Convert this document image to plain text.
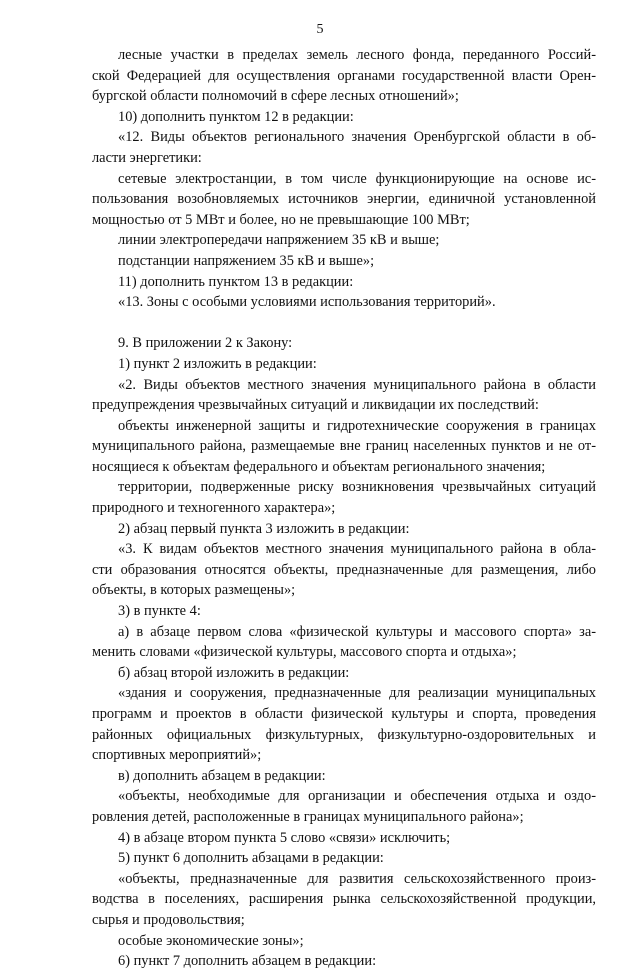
5
лесные участки в пределах земель лесного фонда, переданного Россий-
ской Федерацией для осуществления органами государственной власти Орен-
бургской области полномочий в сфере лесных отношений»;
10) дополнить пунктом 12 в редакции:
«12. Виды объектов регионального значения Оренбургской области в об-
ласти энергетики:
сетевые электростанции, в том числе функционирующие на основе ис-
пользования возобновляемых источников энергии, единичной установленной
мощностью от 5 МВт и более, но не превышающие 100 МВт;
линии электропередачи напряжением 35 кВ и выше;
подстанции напряжением 35 кВ и выше»;
11) дополнить пунктом 13 в редакции:
«13. Зоны с особыми условиями использования территорий».
9. В приложении 2 к Закону:
1) пункт 2 изложить в редакции:
«2. Виды объектов местного значения муниципального района в области
предупреждения чрезвычайных ситуаций и ликвидации их последствий:
объекты инженерной защиты и гидротехнические сооружения в границах
муниципального района, размещаемые вне границ населенных пунктов и не от-
носящиеся к объектам федерального и объектам регионального значения;
территории, подверженные риску возникновения чрезвычайных ситуаций
природного и техногенного характера»;
2) абзац первый пункта 3 изложить в редакции:
«3. К видам объектов местного значения муниципального района в обла-
сти образования относятся объекты, предназначенные для размещения, либо
объекты, в которых размещены»;
3) в пункте 4:
а) в абзаце первом слова «физической культуры и массового спорта» за-
менить словами «физической культуры, массового спорта и отдыха»;
б) абзац второй изложить в редакции:
«здания и сооружения, предназначенные для реализации муниципальных
программ и проектов в области физической культуры и спорта, проведения
районных официальных физкультурных, физкультурно-оздоровительных и
спортивных мероприятий»;
в) дополнить абзацем в редакции:
«объекты, необходимые для организации и обеспечения отдыха и оздо-
ровления детей, расположенные в границах муниципального района»;
4) в абзаце втором пункта 5 слово «связи» исключить;
5) пункт 6 дополнить абзацами в редакции:
«объекты, предназначенные для развития сельскохозяйственного произ-
водства в поселениях, расширения рынка сельскохозяйственной продукции,
сырья и продовольствия;
особые экономические зоны»;
6) пункт 7 дополнить абзацем в редакции:
